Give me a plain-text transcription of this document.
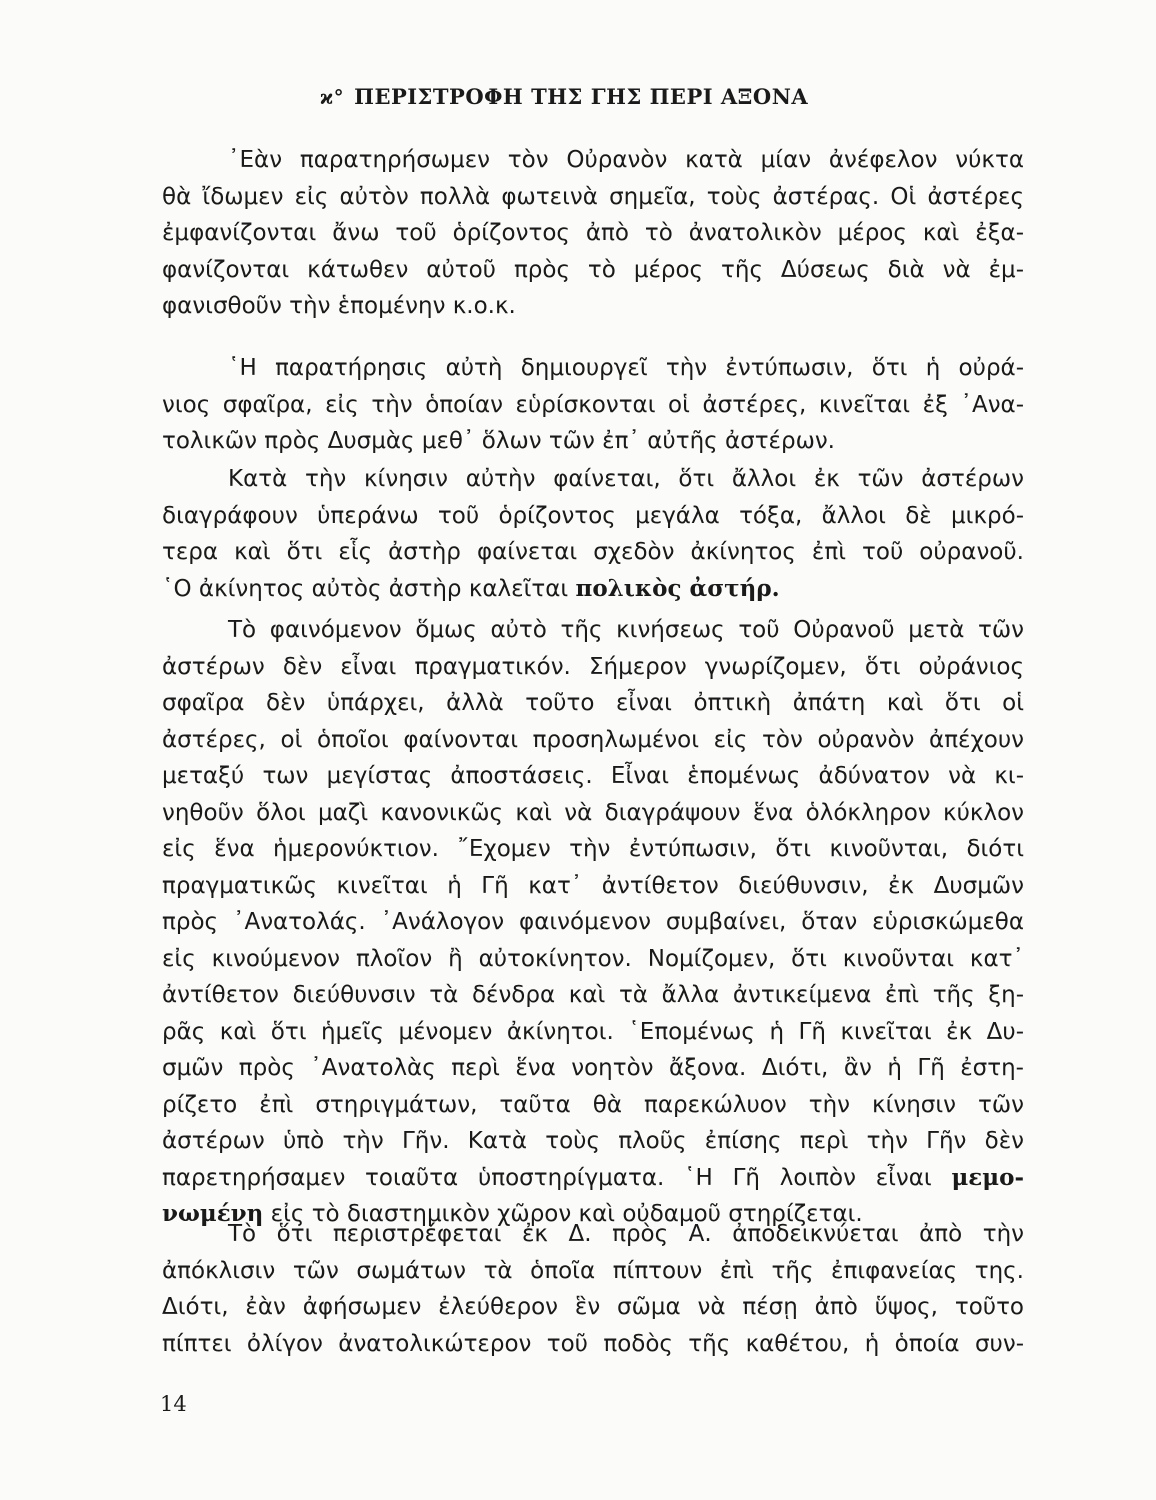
ϰ° ΠΕΡΙΣΤΡΟΦΗ ΤΗΣ ΓΗΣ ΠΕΡΙ ΑΞΟΝΑ
᾿Εὰν παρατηρήσωμεν τὸν Οὐρανὸν κατὰ μίαν ἀνέφελον νύκτα
θὰ ἴδωμεν εἰς αὐτὸν πολλὰ φωτεινὰ σημεῖα, τοὺς ἀστέρας. Οἱ ἀστέρες
ἐμφανίζονται ἄνω τοῦ ὁρίζοντος ἀπὸ τὸ ἀνατολικὸν μέρος καὶ ἐξα-
φανίζονται κάτωθεν αὐτοῦ πρὸς τὸ μέρος τῆς Δύσεως διὰ νὰ ἐμ-
φανισθοῦν τὴν ἑπομένην κ.ο.κ.
῾Η παρατήρησις αὐτὴ δημιουργεῖ τὴν ἐντύπωσιν, ὅτι ἡ οὐρά-
νιος σφαῖρα, εἰς τὴν ὁποίαν εὑρίσκονται οἱ ἀστέρες, κινεῖται ἐξ ᾿Ανα-
τολικῶν πρὸς Δυσμὰς μεθ᾿ ὅλων τῶν ἐπ᾿ αὐτῆς ἀστέρων.
Κατὰ τὴν κίνησιν αὐτὴν φαίνεται, ὅτι ἄλλοι ἐκ τῶν ἀστέρων
διαγράφουν ὑπεράνω τοῦ ὁρίζοντος μεγάλα τόξα, ἄλλοι δὲ μικρό-
τερα καὶ ὅτι εἷς ἀστὴρ φαίνεται σχεδὸν ἀκίνητος ἐπὶ τοῦ οὐρανοῦ.
῾Ο ἀκίνητος αὐτὸς ἀστὴρ καλεῖται πολικὸς ἀστήρ.
Τὸ φαινόμενον ὅμως αὐτὸ τῆς κινήσεως τοῦ Οὐρανοῦ μετὰ τῶν
ἀστέρων δὲν εἶναι πραγματικόν. Σήμερον γνωρίζομεν, ὅτι οὐράνιος
σφαῖρα δὲν ὑπάρχει, ἀλλὰ τοῦτο εἶναι ὀπτικὴ ἀπάτη καὶ ὅτι οἱ
ἀστέρες, οἱ ὁποῖοι φαίνονται προσηλωμένοι εἰς τὸν οὐρανὸν ἀπέχουν
μεταξύ των μεγίστας ἀποστάσεις. Εἶναι ἑπομένως ἀδύνατον νὰ κι-
νηθοῦν ὅλοι μαζὶ κανονικῶς καὶ νὰ διαγράψουν ἕνα ὁλόκληρον κύκλον
εἰς ἕνα ἡμερονύκτιον. ῎Εχομεν τὴν ἐντύπωσιν, ὅτι κινοῦνται, διότι
πραγματικῶς κινεῖται ἡ Γῆ κατ᾿ ἀντίθετον διεύθυνσιν, ἐκ Δυσμῶν
πρὸς ᾿Ανατολάς. ᾿Ανάλογον φαινόμενον συμβαίνει, ὅταν εὑρισκώμεθα
εἰς κινούμενον πλοῖον ἢ αὐτοκίνητον. Νομίζομεν, ὅτι κινοῦνται κατ᾿
ἀντίθετον διεύθυνσιν τὰ δένδρα καὶ τὰ ἄλλα ἀντικείμενα ἐπὶ τῆς ξη-
ρᾶς καὶ ὅτι ἡμεῖς μένομεν ἀκίνητοι. ῾Επομένως ἡ Γῆ κινεῖται ἐκ Δυ-
σμῶν πρὸς ᾿Ανατολὰς περὶ ἕνα νοητὸν ἄξονα. Διότι, ἂν ἡ Γῆ ἐστη-
ρίζετο ἐπὶ στηριγμάτων, ταῦτα θὰ παρεκώλυον τὴν κίνησιν τῶν
ἀστέρων ὑπὸ τὴν Γῆν. Κατὰ τοὺς πλοῦς ἐπίσης περὶ τὴν Γῆν δὲν
παρετηρήσαμεν τοιαῦτα ὑποστηρίγματα. ῾Η Γῆ λοιπὸν εἶναι μεμο-
νωμένη εἰς τὸ διαστημικὸν χῶρον καὶ οὐδαμοῦ στηρίζεται.
Τὸ ὅτι περιστρέφεται ἐκ Δ. πρὸς Α. ἀποδεικνύεται ἀπὸ τὴν
ἀπόκλισιν τῶν σωμάτων τὰ ὁποῖα πίπτουν ἐπὶ τῆς ἐπιφανείας της.
Διότι, ἐὰν ἀφήσωμεν ἐλεύθερον ἓν σῶμα νὰ πέσῃ ἀπὸ ὕψος, τοῦτο
πίπτει ὀλίγον ἀνατολικώτερον τοῦ ποδὸς τῆς καθέτου, ἡ ὁποία συν-
14
